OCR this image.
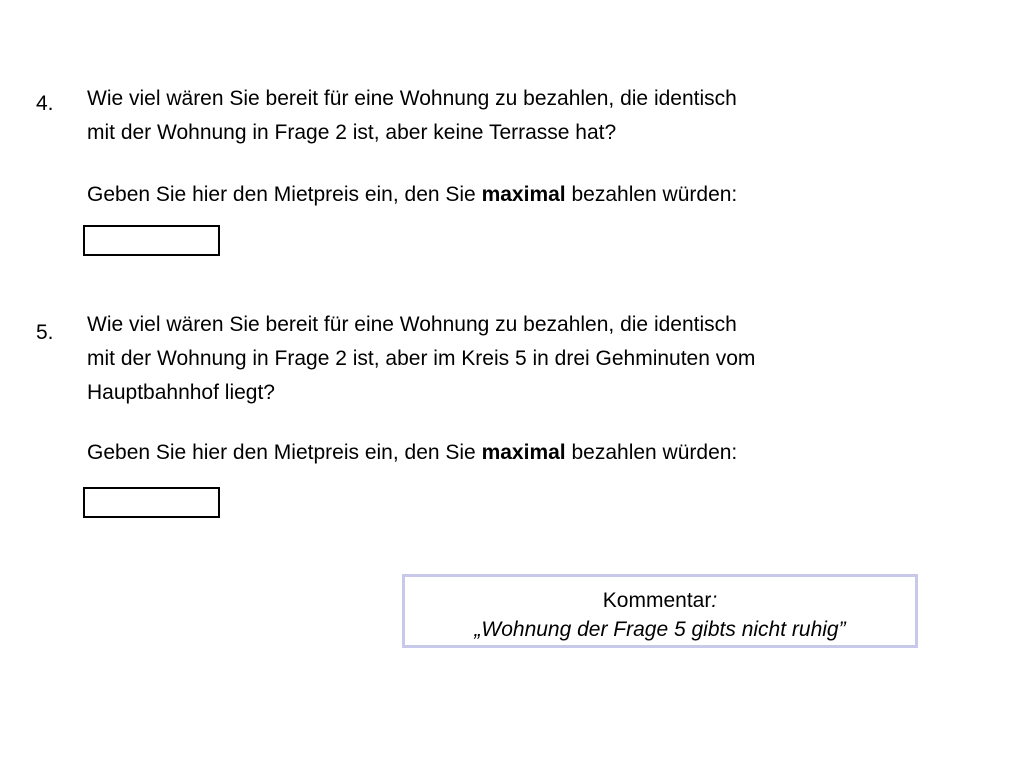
4. Wie viel wären Sie bereit für eine Wohnung zu bezahlen, die identisch
mit der Wohnung in Frage 2 ist, aber keine Terrasse hat?
Geben Sie hier den Mietpreis ein, den Sie maximal bezahlen würden:
5. Wie viel wären Sie bereit für eine Wohnung zu bezahlen, die identisch
mit der Wohnung in Frage 2 ist, aber im Kreis 5 in drei Gehminuten vom
Hauptbahnhof liegt?
Geben Sie hier den Mietpreis ein, den Sie maximal bezahlen würden:
Kommentar:
„Wohnung der Frage 5 gibts nicht ruhig”
